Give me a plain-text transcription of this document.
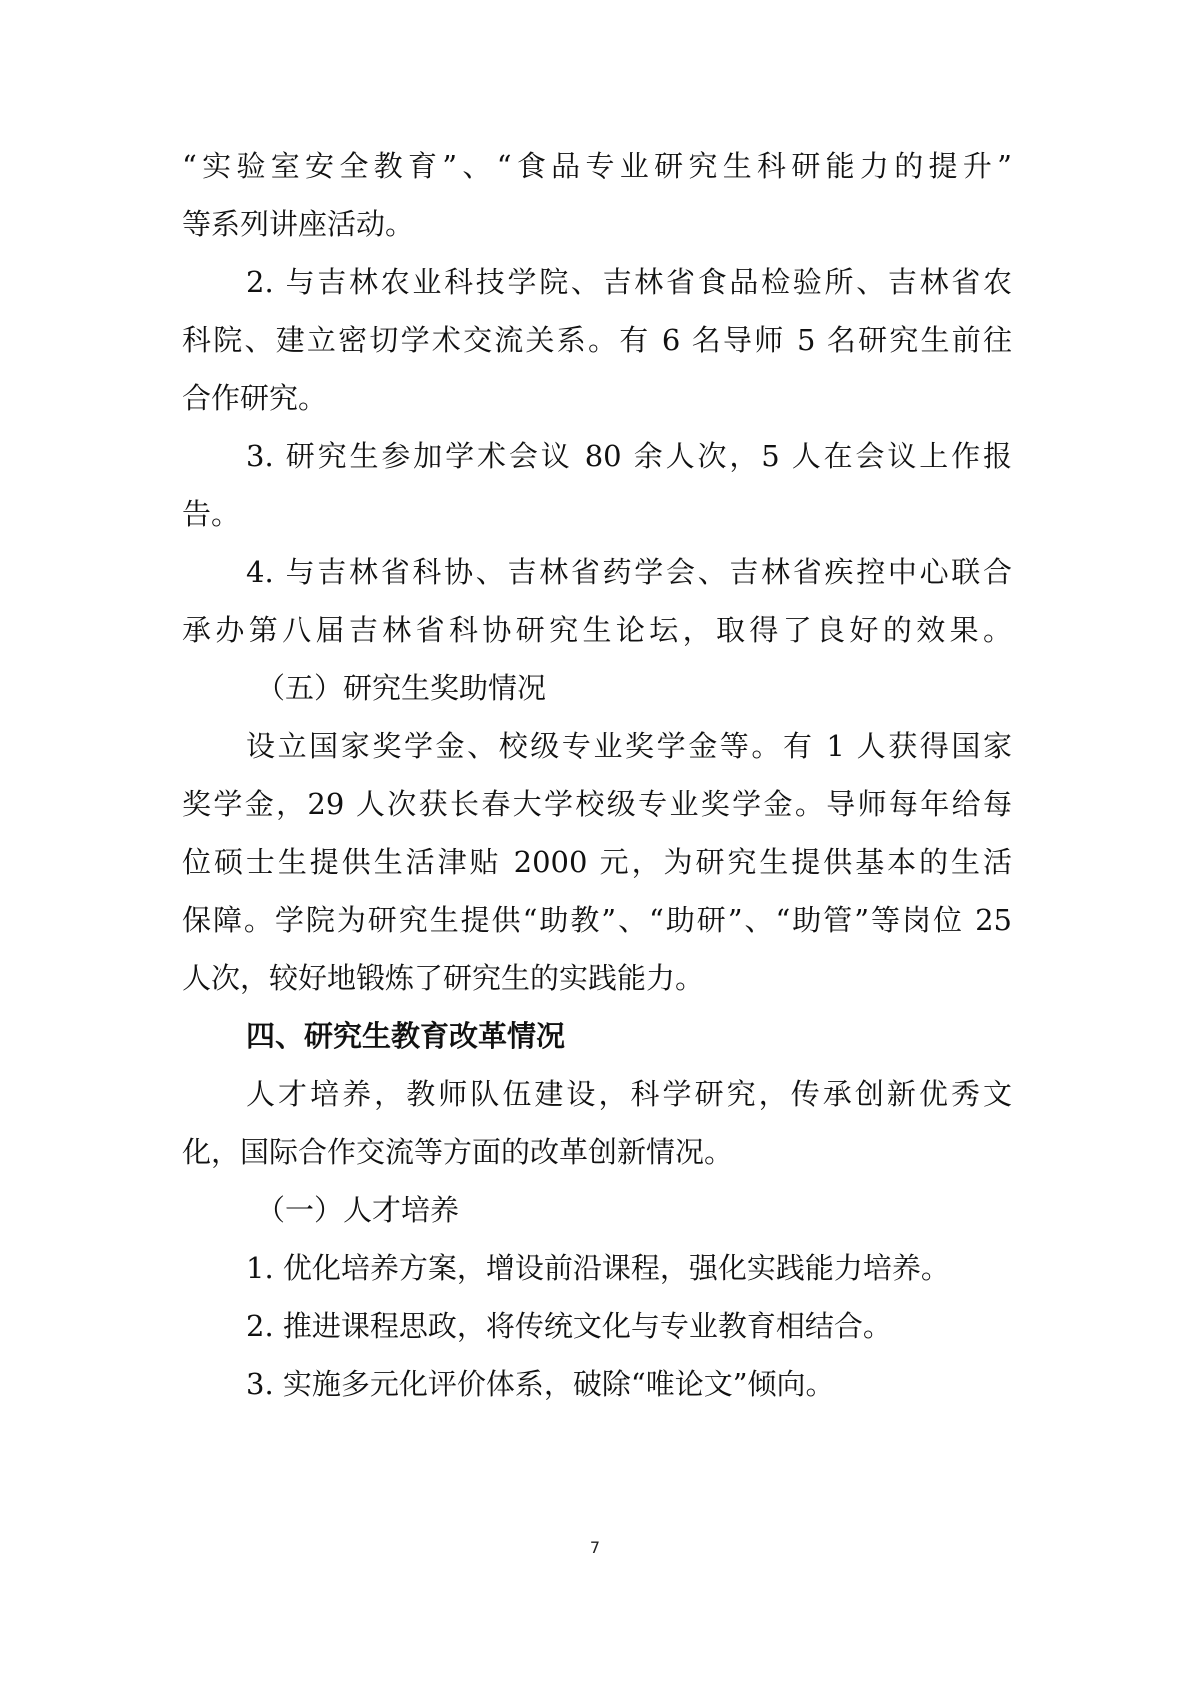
“实验室安全教育”、“食品专业研究生科研能力的提升”
等系列讲座活动。
2. 与吉林农业科技学院、吉林省食品检验所、吉林省农
科院、建立密切学术交流关系。有 6 名导师 5 名研究生前往
合作研究。
3. 研究生参加学术会议 80 余人次，5 人在会议上作报
告。
4. 与吉林省科协、吉林省药学会、吉林省疾控中心联合
承办第八届吉林省科协研究生论坛，取得了良好的效果。
（五）研究生奖助情况
设立国家奖学金、校级专业奖学金等。有 1 人获得国家
奖学金，29 人次获长春大学校级专业奖学金。导师每年给每
位硕士生提供生活津贴 2000 元，为研究生提供基本的生活
保障。学院为研究生提供“助教”、“助研”、“助管”等岗位 25
人次，较好地锻炼了研究生的实践能力。
四、研究生教育改革情况
人才培养，教师队伍建设，科学研究，传承创新优秀文
化，国际合作交流等方面的改革创新情况。
（一）人才培养
1. 优化培养方案，增设前沿课程，强化实践能力培养。
2. 推进课程思政，将传统文化与专业教育相结合。
3. 实施多元化评价体系，破除“唯论文”倾向。
7
